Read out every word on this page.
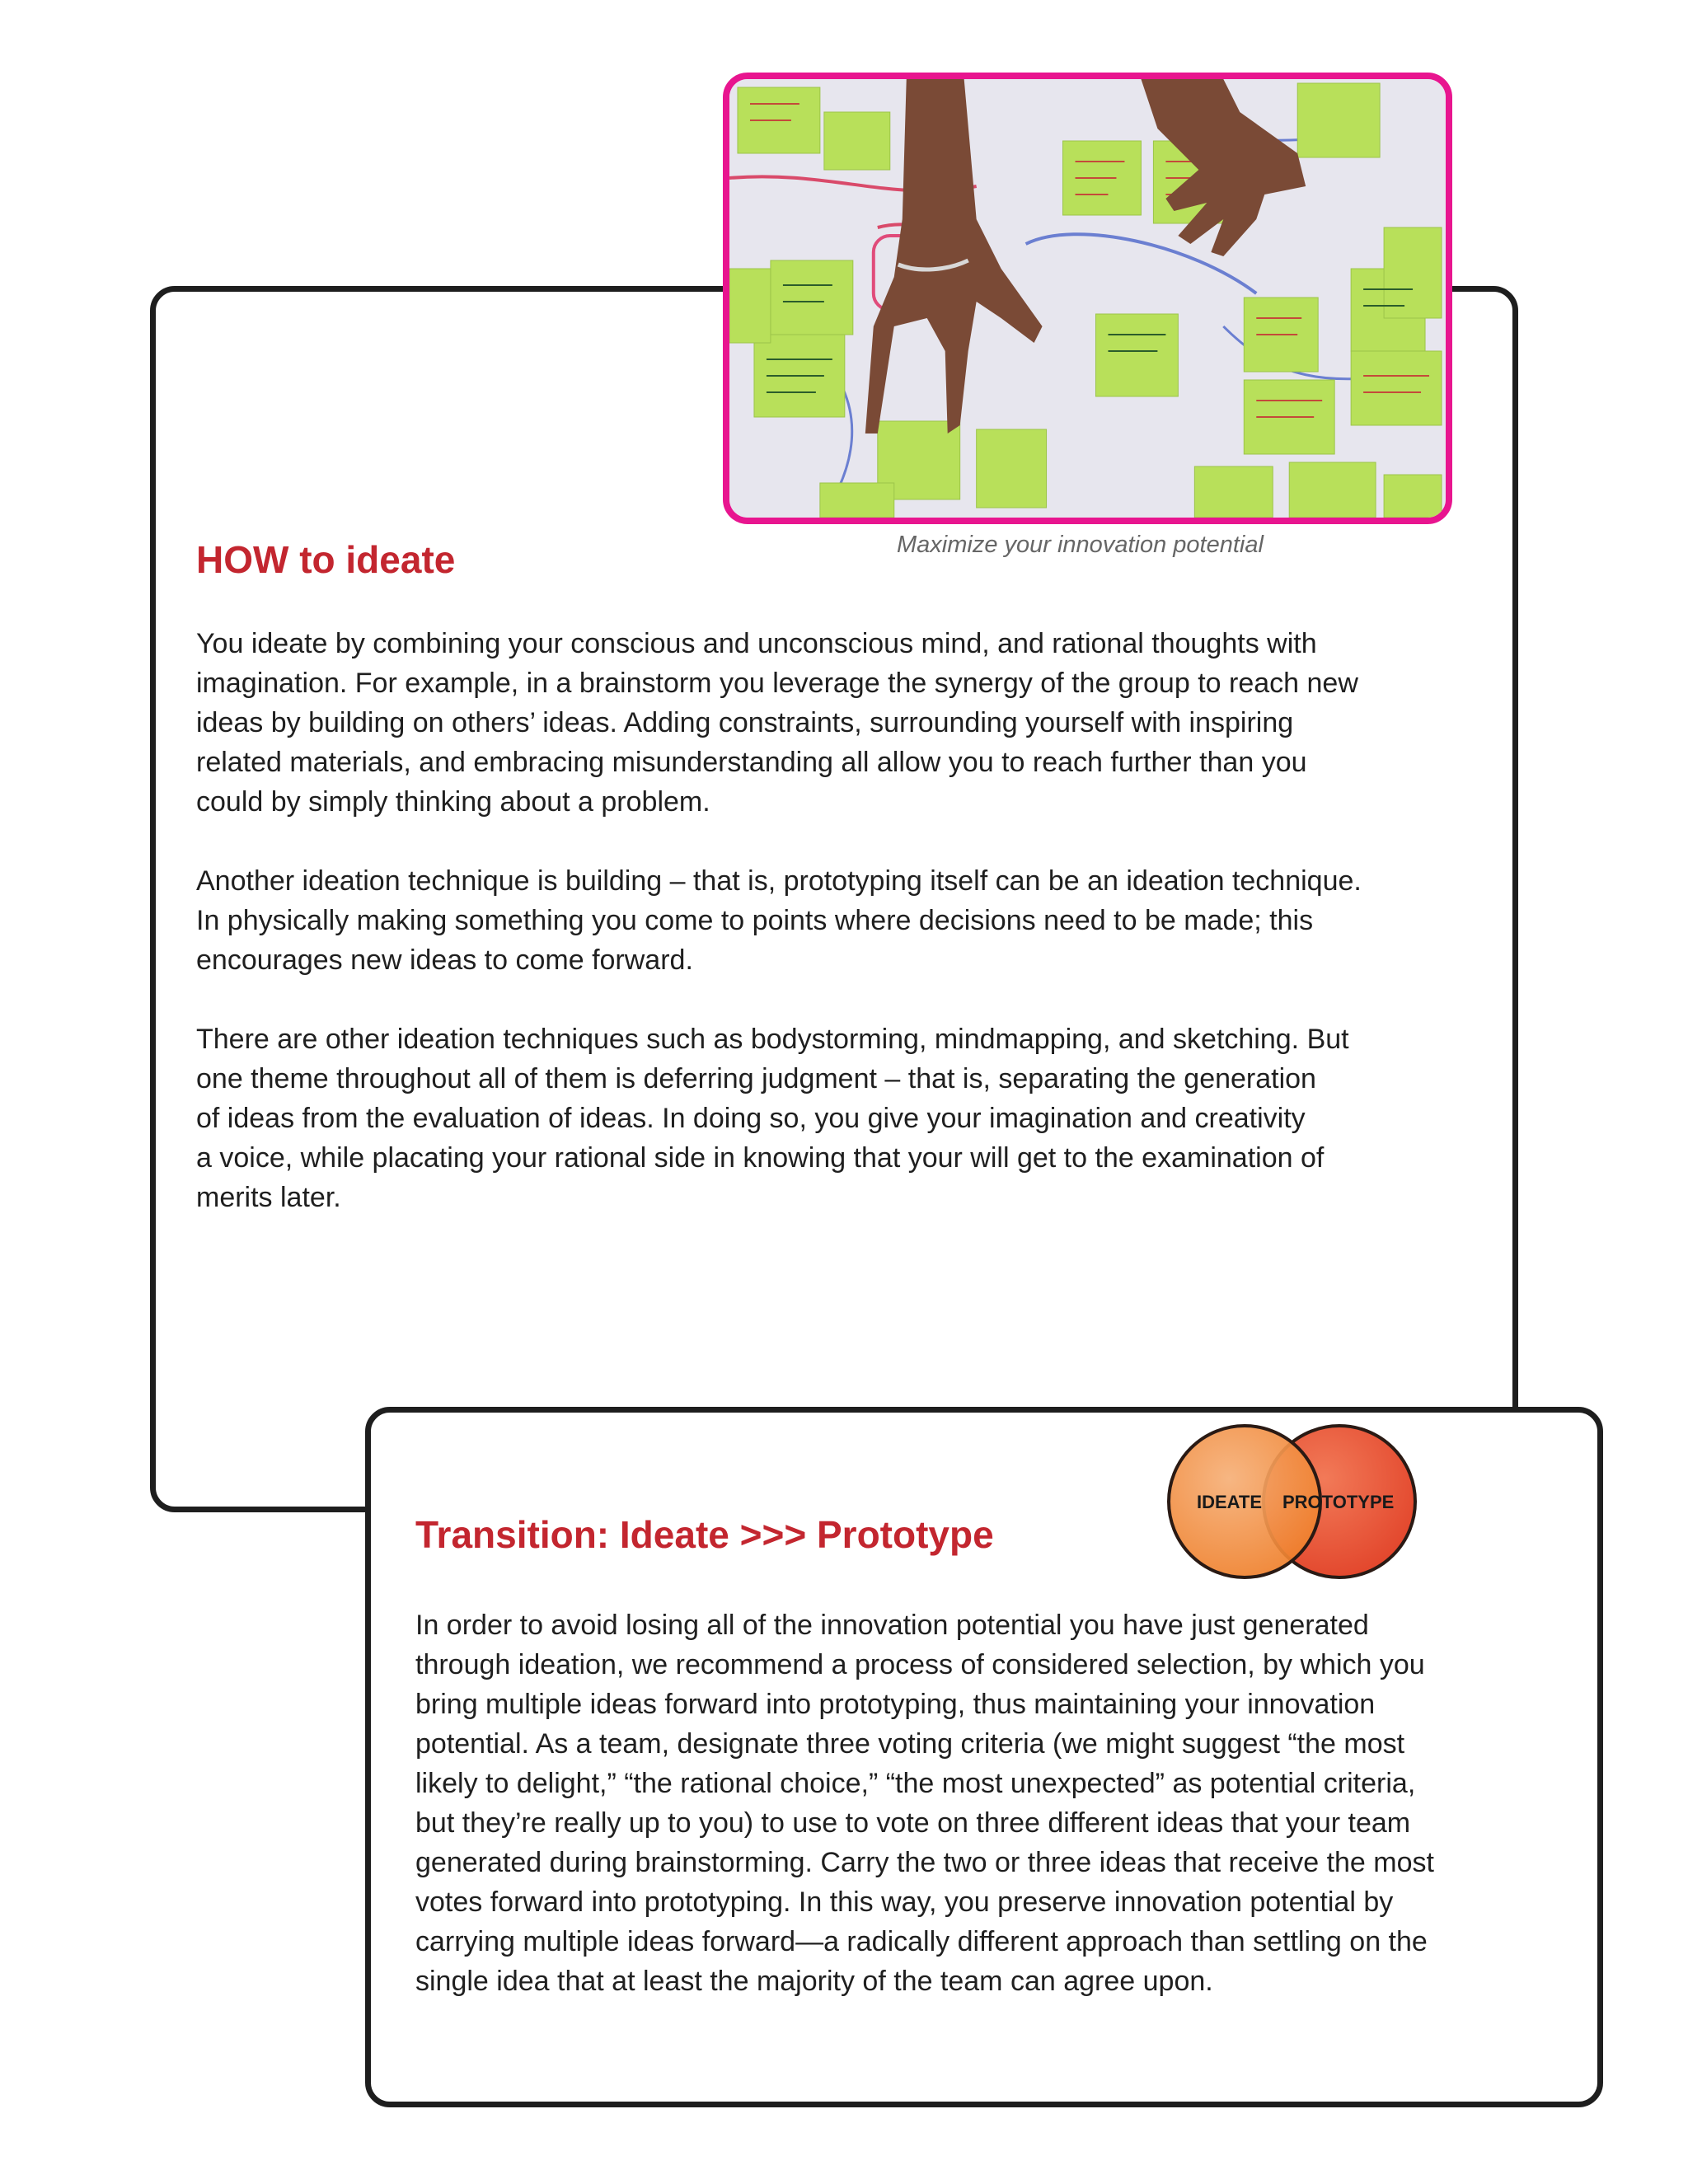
Maximize your innovation potential
HOW to ideate

You ideate by combining your conscious and unconscious mind, and rational thoughts with
imagination. For example, in a brainstorm you leverage the synergy of the group to reach new
ideas by building on others’ ideas. Adding constraints, surrounding yourself with inspiring
related materials, and embracing misunderstanding all allow you to reach further than you
could by simply thinking about a problem.

Another ideation technique is building – that is, prototyping itself can be an ideation technique.
In physically making something you come to points where decisions need to be made; this
encourages new ideas to come forward.

There are other ideation techniques such as bodystorming, mindmapping, and sketching. But
one theme throughout all of them is deferring judgment – that is, separating the generation
of ideas from the evaluation of ideas. In doing so, you give your imagination and creativity
a voice, while placating your rational side in knowing that your will get to the examination of
merits later.

IDEATE PROTOTYPE
Transition: Ideate >>> Prototype

In order to avoid losing all of the innovation potential you have just generated
through ideation, we recommend a process of considered selection, by which you
bring multiple ideas forward into prototyping, thus maintaining your innovation
potential. As a team, designate three voting criteria (we might suggest “the most
likely to delight,” “the rational choice,” “the most unexpected” as potential criteria,
but they’re really up to you) to use to vote on three different ideas that your team
generated during brainstorming. Carry the two or three ideas that receive the most
votes forward into prototyping. In this way, you preserve innovation potential by
carrying multiple ideas forward—a radically different approach than settling on the
single idea that at least the majority of the team can agree upon.
